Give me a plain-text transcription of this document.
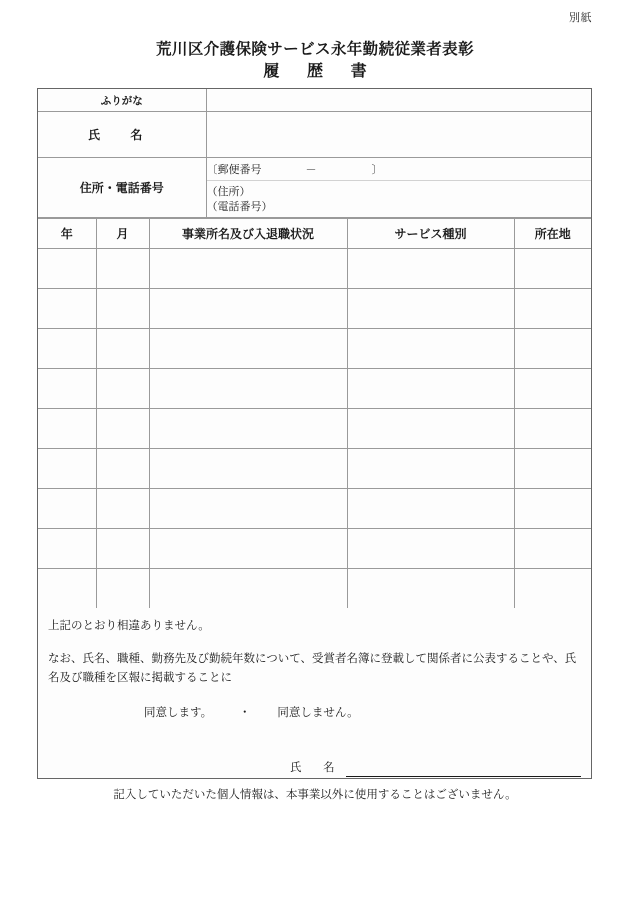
別紙
荒川区介護保険サービス永年勤続従業者表彰
履 歴 書
ふりがな	
氏 名	
住所・電話番号	〔郵便番号　　　　－　　　　　〕

	（住所）
（電話番号）
年	月	事業所名及び入退職状況	サービス種別	所在地

上記のとおり相違ありません。

なお、氏名、職種、勤務先及び勤続年数について、受賞者名簿に登載して関係者に公表することや、氏名及び職種を区報に掲載することに

同意します。 ・ 同意しません。
氏 名
記入していただいた個人情報は、本事業以外に使用することはございません。
